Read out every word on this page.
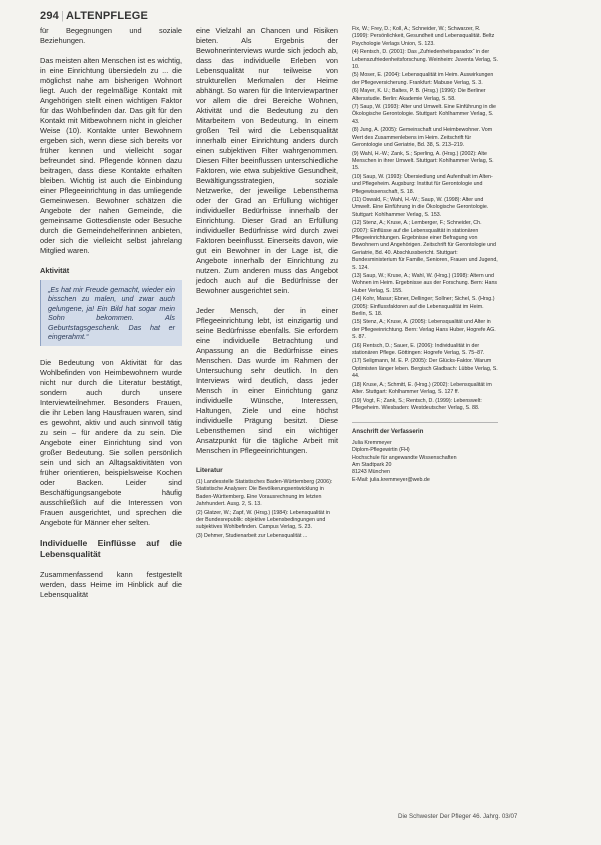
294 | ALTENPFLEGE

für Begegnungen und soziale Beziehungen.

Das meisten alten Menschen ist es wichtig, in eine Einrichtung übersiedeln zu ... die möglichst nahe am bisherigen Wohnort liegt. Auch der regelmäßige Kontakt mit Angehörigen stellt einen wichtigen Faktor für das Wohlbefinden dar. Das gilt für den Kontakt mit Mitbewohnern nicht in gleicher Weise (10). Kontakte unter Bewohnern ergeben sich, wenn diese sich bereits vor früher kennen und vielleicht sogar befreundet sind. Pflegende können dazu beitragen, dass diese Kontakte erhalten bleiben. Wichtig ist auch die Einbindung einer Pflegeeinrichtung in das umliegende Gemeinwesen. Bewohner schätzen die Angebote der nahen Gemeinde, die gemeinsame Gottesdienste oder Besuche durch die Gemeindehelferinnen anbieten, oder sich die vielleicht selbst jahrelang Mitglied waren.

Aktivität
„Es hat mir Freude gemacht, wieder ein bisschen zu malen, und zwar auch gelungene, ja! Ein Bild hat sogar mein Sohn bekommen. Als Geburtstagsgeschenk. Das hat er eingerahmt.“

Die Bedeutung von Aktivität für das Wohlbefinden von Heimbewohnern wurde nicht nur durch die Literatur bestätigt, sondern auch durch unsere Interviewteilnehmer. Besonders Frauen, die ihr Leben lang Hausfrauen waren, sind es gewohnt, aktiv und auch sinnvoll tätig zu sein – für andere da zu sein. Die Angebote einer Einrichtung sind von großer Bedeutung. Sie sollen persönlich sein und sich an Alltagsaktivitäten von früher orientieren, beispielsweise Kochen oder Backen. Leider sind Beschäftigungsangebote häufig ausschließlich auf die Interessen von Frauen ausgerichtet, und sprechen die Angebote für Männer eher selten.

Individuelle Einflüsse auf die Lebensqualität

Zusammenfassend kann festgestellt werden, dass Heime im Hinblick auf die Lebensqualität

eine Vielzahl an Chancen und Risiken bieten. Als Ergebnis der Bewohnerinterviews wurde sich jedoch ab, dass das individuelle Erleben von Lebensqualität nur teilweise von strukturellen Merkmalen der Heime abhängt. So waren für die Interviewpartner vor allem die drei Bereiche Wohnen, Aktivität und die Bedeutung zu den Mitarbeitern von Bedeutung. In einem großen Teil wird die Lebensqualität innerhalb einer Einrichtung anders durch einen subjektiven Filter wahrgenommen. Diesen Filter beeinflussen unterschiedliche Faktoren, wie etwa subjektive Gesundheit, Bewältigungsstrategien, soziale Netzwerke, der jeweilige Lebensthema oder der Grad an Erfüllung wichtiger individueller Bedürfnisse innerhalb der Einrichtung. Dieser Grad an Erfüllung individueller Bedürfnisse wird durch zwei Faktoren beeinflusst. Einerseits davon, wie gut ein Bewohner in der Lage ist, die Angebote innerhalb der Einrichtung zu nutzen. Zum anderen muss das Angebot jedoch auch auf die Bedürfnisse der Bewohner ausgerichtet sein.

Jeder Mensch, der in einer Pflegeeinrichtung lebt, ist einzigartig und seine Bedürfnisse ebenfalls. Sie erfordern eine individuelle Betrachtung und Anpassung an die Bedürfnisse eines Menschen. Das wurde im Rahmen der Untersuchung sehr deutlich. In den Interviews wird deutlich, dass jeder Mensch in einer Einrichtung ganz individuelle Wünsche, Interessen, Haltungen, Ziele und eine höchst individuelle Prägung besitzt. Diese Lebensthemen sind ein wichtiger Ansatzpunkt für die tägliche Arbeit mit Menschen in Pflegeeinrichtungen.

Literatur
(1) Landesstelle Statistisches Baden-Württemberg (2006): Statistische Analysen: Die Bevölkerungsentwicklung in Baden-Württemberg. Eine Vorausrechnung im letzten Jahrhundert. Ausg. 2, S. 13.
(2) Glatzer, W.; Zapf, W. (Hrsg.) (1984): Lebensqualität in der Bundesrepublik: objektive Lebensbedingungen und subjektives Wohlbefinden. Campus Verlag, S. 23.
(3) Dehmer, Studienarbeit zur Lebensqualität ...
Fix, W.; Frey, D.; Koll, A.; Schneider, W.; Schwarzer, R. (1999): Persönlichkeit, Gesundheit und Lebensqualität. Beltz Psychologie Verlags Union, S. 123.
(4) Rentsch, D. (2001): Das „Zufriedenheitsparadox“ in der Lebenszufriedenheitsforschung. Weinheim: Juventa Verlag, S. 10.
(5) Moser, E. (2004): Lebensqualität im Heim. Auswirkungen der Pflegeversicherung. Frankfurt: Mabuse Verlag, S. 3.
(6) Mayer, K. U.; Baltes, P. B. (Hrsg.) (1996): Die Berliner Altersstudie. Berlin: Akademie Verlag, S. 58.
(7) Saup, W. (1993): Alter und Umwelt. Eine Einführung in die Ökologische Gerontologie. Stuttgart: Kohlhammer Verlag, S. 43.
(8) Jung, A. (2005): Gemeinschaft und Heimbewohner. Vom Wert des Zusammenlebens im Heim. Zeitschrift für Gerontologie und Geriatrie, Bd. 38, S. 213–219.
(9) Wahl, H.-W.; Zank, S.; Sperling, A. (Hrsg.) (2002): Alte Menschen in ihrer Umwelt. Stuttgart: Kohlhammer Verlag, S. 15.
(10) Saup, W. (1993): Übersiedlung und Aufenthalt im Alten- und Pflegeheim. Augsburg: Institut für Gerontologie und Pflegewissenschaft, S. 18.
(11) Oswald, F.; Wahl, H.-W.; Saup, W. (1998): Alter und Umwelt. Eine Einführung in die Ökologische Gerontologie. Stuttgart: Kohlhammer Verlag, S. 153.
(12) Stenz, A.; Kruse, A.; Lemberger, F.; Schneider, Ch. (2007): Einflüsse auf die Lebensqualität in stationären Pflegeeinrichtungen. Ergebnisse einer Befragung von Bewohnern und Angehörigen. Zeitschrift für Gerontologie und Geriatrie, Bd. 40. Abschlussbericht. Stuttgart: Bundesministerium für Familie, Senioren, Frauen und Jugend, S. 124.
(13) Saup, W.; Kruse, A.; Wahl, W. (Hrsg.) (1998): Altern und Wohnen im Heim. Ergebnisse aus der Forschung. Bern: Hans Huber Verlag, S. 155.
(14) Kohr, Masur; Ebner, Dellinger; Sollner; Sichel, S. (Hrsg.) (2005): Einflussfaktoren auf die Lebensqualität im Heim. Berlin, S. 18.
(15) Stenz, A.; Kruse, A. (2005): Lebensqualität und Alter in der Pflegeeinrichtung. Bern: Verlag Hans Huber, Hogrefe AG. S. 87.
(16) Rentsch, D.; Sauer, E. (2006): Individualität in der stationären Pflege. Göttingen: Hogrefe Verlag, S. 75–87.
(17) Seligmann, M. E. P. (2005): Der Glücks-Faktor. Warum Optimisten länger leben. Bergisch Gladbach: Lübbe Verlag, S. 44.
(18) Kruse, A.; Schmitt, E. (Hrsg.) (2002): Lebensqualität im Alter. Stuttgart: Kohlhammer Verlag, S. 127 ff.
(19) Vogt, F.; Zank, S.; Rentsch, D. (1999): Lebenswelt: Pflegeheim. Wiesbaden: Westdeutscher Verlag, S. 88.
Anschrift der Verfasserin
Julia Kremmeyer
Diplom-Pflegewirtin (FH)
Hochschule für angewandte Wissenschaften
Am Stadtpark 20
81243 München
E-Mail: julia.kremmeyer@web.de
Die Schwester Der Pfleger 46. Jahrg. 03/07
